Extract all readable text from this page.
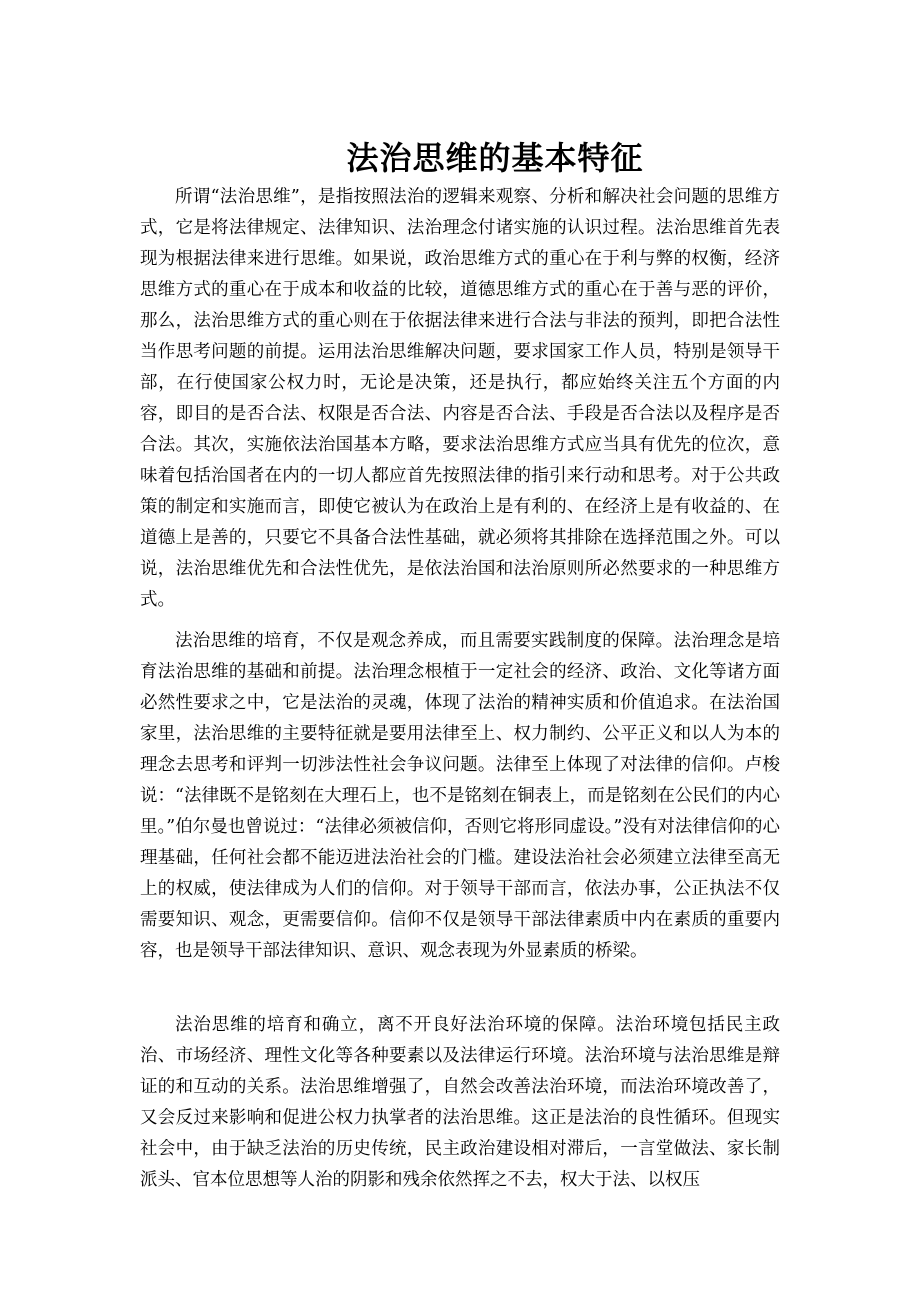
法治思维的基本特征

所谓“法治思维”，是指按照法治的逻辑来观察、分析和解决社会问题的思维方式，它是将法律规定、法律知识、法治理念付诸实施的认识过程。法治思维首先表现为根据法律来进行思维。如果说，政治思维方式的重心在于利与弊的权衡，经济思维方式的重心在于成本和收益的比较，道德思维方式的重心在于善与恶的评价，那么，法治思维方式的重心则在于依据法律来进行合法与非法的预判，即把合法性当作思考问题的前提。运用法治思维解决问题，要求国家工作人员，特别是领导干部，在行使国家公权力时，无论是决策，还是执行，都应始终关注五个方面的内容，即目的是否合法、权限是否合法、内容是否合法、手段是否合法以及程序是否合法。其次，实施依法治国基本方略，要求法治思维方式应当具有优先的位次，意味着包括治国者在内的一切人都应首先按照法律的指引来行动和思考。对于公共政策的制定和实施而言，即使它被认为在政治上是有利的、在经济上是有收益的、在道德上是善的，只要它不具备合法性基础，就必须将其排除在选择范围之外。可以说，法治思维优先和合法性优先，是依法治国和法治原则所必然要求的一种思维方式。

法治思维的培育，不仅是观念养成，而且需要实践制度的保障。法治理念是培育法治思维的基础和前提。法治理念根植于一定社会的经济、政治、文化等诸方面必然性要求之中，它是法治的灵魂，体现了法治的精神实质和价值追求。在法治国家里，法治思维的主要特征就是要用法律至上、权力制约、公平正义和以人为本的理念去思考和评判一切涉法性社会争议问题。法律至上体现了对法律的信仰。卢梭说：“法律既不是铭刻在大理石上，也不是铭刻在铜表上，而是铭刻在公民们的内心里。”伯尔曼也曾说过：“法律必须被信仰，否则它将形同虚设。”没有对法律信仰的心理基础，任何社会都不能迈进法治社会的门槛。建设法治社会必须建立法律至高无上的权威，使法律成为人们的信仰。对于领导干部而言，依法办事，公正执法不仅需要知识、观念，更需要信仰。信仰不仅是领导干部法律素质中内在素质的重要内容，也是领导干部法律知识、意识、观念表现为外显素质的桥梁。

法治思维的培育和确立，离不开良好法治环境的保障。法治环境包括民主政治、市场经济、理性文化等各种要素以及法律运行环境。法治环境与法治思维是辩证的和互动的关系。法治思维增强了，自然会改善法治环境，而法治环境改善了，又会反过来影响和促进公权力执掌者的法治思维。这正是法治的良性循环。但现实社会中，由于缺乏法治的历史传统，民主政治建设相对滞后，一言堂做法、家长制派头、官本位思想等人治的阴影和残余依然挥之不去，权大于法、以权压
